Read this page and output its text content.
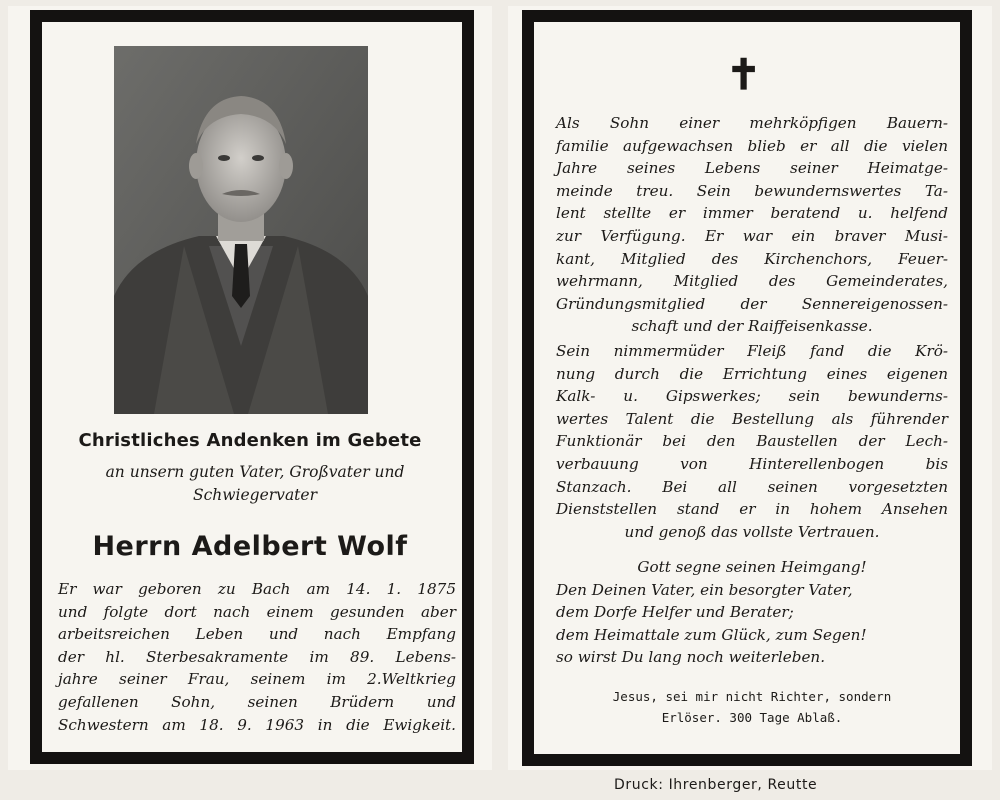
Christliches Andenken im Gebete
an unsern guten Vater, Großvater und
Schwiegervater
Herrn Adelbert Wolf
Er war geboren zu Bach am 14. 1. 1875
und folgte dort nach einem gesunden aber
arbeitsreichen Leben und nach Empfang
der hl. Sterbesakramente im 89. Lebens-
jahre seiner Frau, seinem im 2.Weltkrieg
gefallenen Sohn, seinen Brüdern und
Schwestern am 18. 9. 1963 in die Ewigkeit.
✝
Als Sohn einer mehrköpfigen Bauern-
familie aufgewachsen blieb er all die vielen
Jahre seines Lebens seiner Heimatge-
meinde treu. Sein bewundernswertes Ta-
lent stellte er immer beratend u. helfend
zur Verfügung. Er war ein braver Musi-
kant, Mitglied des Kirchenchors, Feuer-
wehrmann, Mitglied des Gemeinderates,
Gründungsmitglied der Sennereigenossen-
schaft und der Raiffeisenkasse.
Sein nimmermüder Fleiß fand die Krö-
nung durch die Errichtung eines eigenen
Kalk- u. Gipswerkes; sein bewunderns-
wertes Talent die Bestellung als führender
Funktionär bei den Baustellen der Lech-
verbauung von Hinterellenbogen bis
Stanzach. Bei all seinen vorgesetzten
Dienststellen stand er in hohem Ansehen
und genoß das vollste Vertrauen.
Gott segne seinen Heimgang!
Den Deinen Vater, ein besorgter Vater,
dem Dorfe Helfer und Berater;
dem Heimattale zum Glück, zum Segen!
so wirst Du lang noch weiterleben.
Jesus, sei mir nicht Richter, sondern
Erlöser. 300 Tage Ablaß.
Druck: Ihrenberger, Reutte
